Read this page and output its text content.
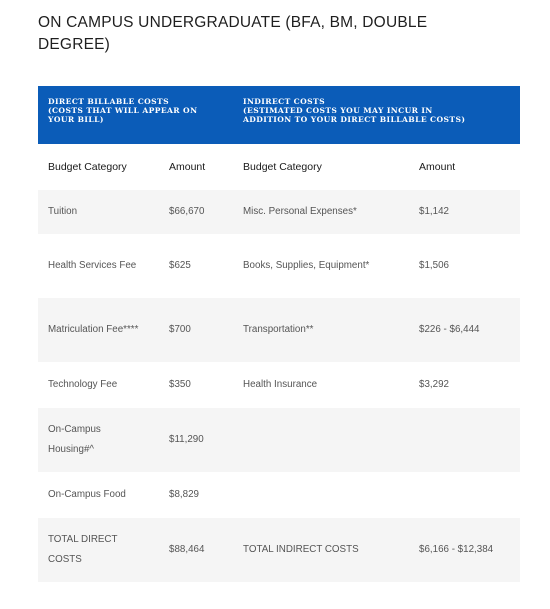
ON CAMPUS UNDERGRADUATE (BFA, BM, DOUBLE DEGREE)
DIRECT BILLABLE COSTS
(COSTS THAT WILL APPEAR ON
YOUR BILL)		INDIRECT COSTS
(ESTIMATED COSTS YOU MAY INCUR IN
ADDITION TO YOUR DIRECT BILLABLE COSTS)	

Budget Category	Amount	Budget Category	Amount
Tuition	$66,670	Misc. Personal Expenses*	$1,142
Health Services Fee	$625	Books, Supplies, Equipment*	$1,506
Matriculation Fee****	$700	Transportation**	$226 - $6,444
Technology Fee	$350	Health Insurance	$3,292
On-Campus Housing#^	$11,290		
On-Campus Food	$8,829		
TOTAL DIRECT COSTS	$88,464	TOTAL INDIRECT COSTS	$6,166 - $12,384
